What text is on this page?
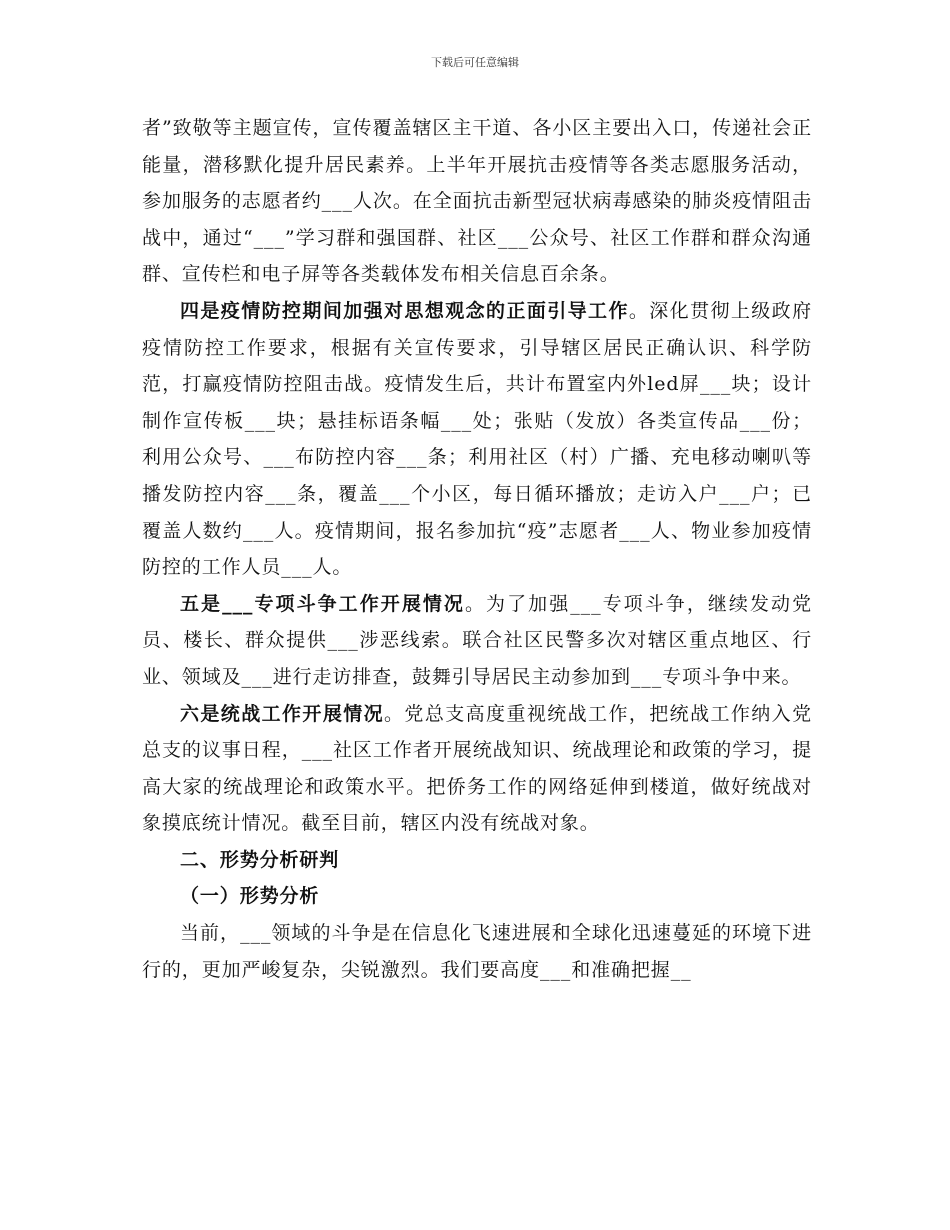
下载后可任意编辑

者”致敬等主题宣传，宣传覆盖辖区主干道、各小区主要出入口，传递社会正能量，潜移默化提升居民素养。上半年开展抗击疫情等各类志愿服务活动，参加服务的志愿者约___人次。在全面抗击新型冠状病毒感染的肺炎疫情阻击战中，通过“___”学习群和强国群、社区___公众号、社区工作群和群众沟通群、宣传栏和电子屏等各类载体发布相关信息百余条。

四是疫情防控期间加强对思想观念的正面引导工作。深化贯彻上级政府疫情防控工作要求，根据有关宣传要求，引导辖区居民正确认识、科学防范，打赢疫情防控阻击战。疫情发生后，共计布置室内外led屏___块；设计制作宣传板___块；悬挂标语条幅___处；张贴（发放）各类宣传品___份；利用公众号、___布防控内容___条；利用社区（村）广播、充电移动喇叭等播发防控内容___条，覆盖___个小区，每日循环播放；走访入户___户；已覆盖人数约___人。疫情期间，报名参加抗“疫”志愿者___人、物业参加疫情防控的工作人员___人。

五是___专项斗争工作开展情况。为了加强___专项斗争，继续发动党员、楼长、群众提供___涉恶线索。联合社区民警多次对辖区重点地区、行业、领域及___进行走访排查，鼓舞引导居民主动参加到___专项斗争中来。

六是统战工作开展情况。党总支高度重视统战工作，把统战工作纳入党总支的议事日程，___社区工作者开展统战知识、统战理论和政策的学习，提高大家的统战理论和政策水平。把侨务工作的网络延伸到楼道，做好统战对象摸底统计情况。截至目前，辖区内没有统战对象。

二、形势分析研判

（一）形势分析

当前，___领域的斗争是在信息化飞速进展和全球化迅速蔓延的环境下进行的，更加严峻复杂，尖锐激烈。我们要高度___和准确把握__
